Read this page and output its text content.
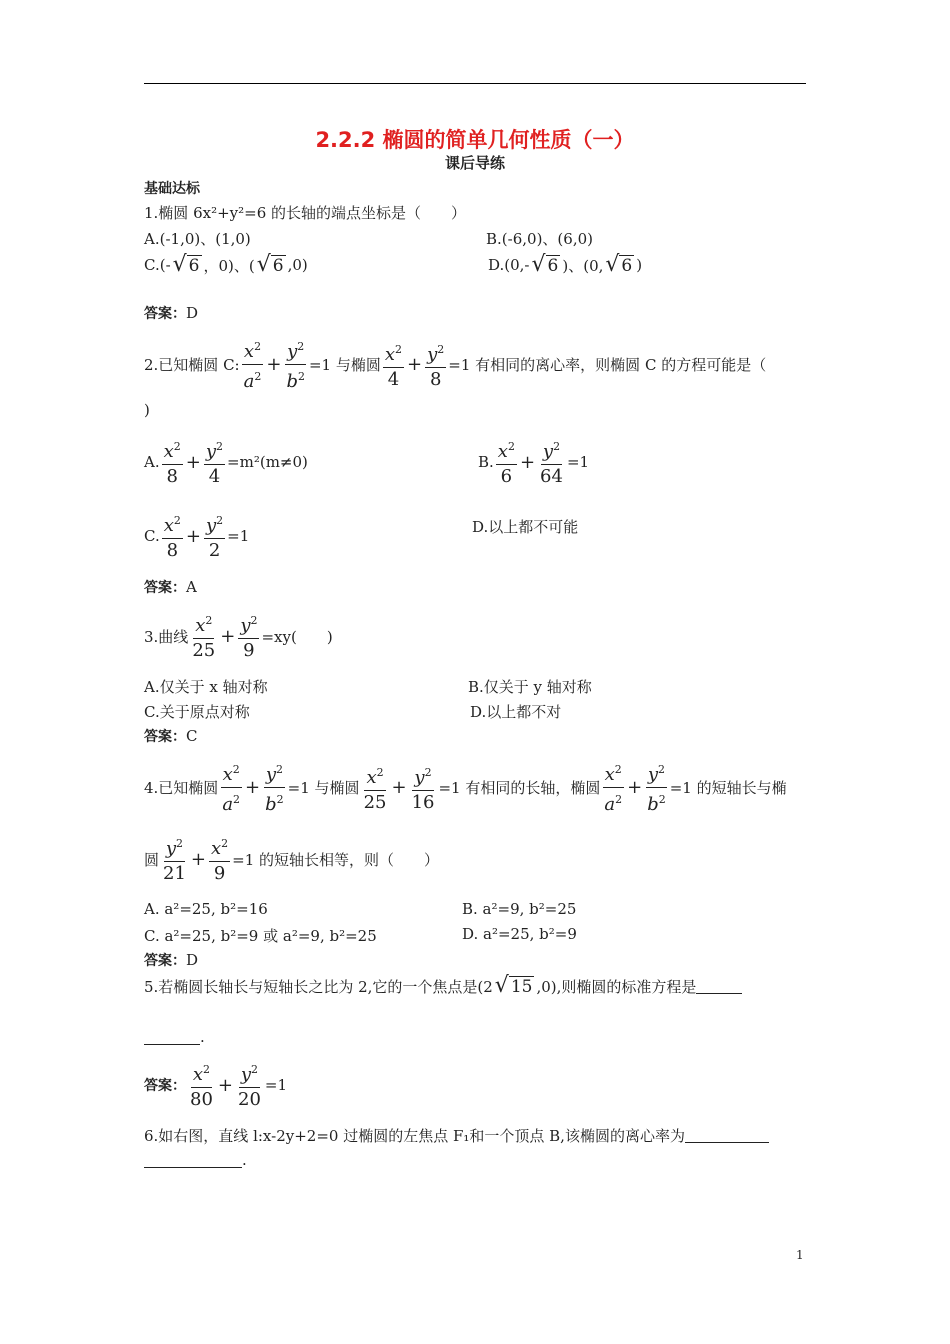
2.2.2 椭圆的简单几何性质（一）
课后导练
基础达标
1.椭圆 6x²+y²=6 的长轴的端点坐标是（　　）
A.(-1,0)、(1,0)	B.(-6,0)、(6,0)
C.(- √ 6 ，0)、( √ 6 ,0)	D.(0,- √ 6 )、(0, √ 6 )
答案：D
2.已知椭圆 C: $\frac{x^2}{a^2} + \frac{y^2}{b^2} =1$ 与椭圆 $\frac{x^2}{4} + \frac{y^2}{8} =1$ 有相同的离心率，则椭圆 C 的方程可能是（
)
A. $\frac{x^2}{8} + \frac{y^2}{4} =m^2(m\ne 0)$	B. $\frac{x^2}{6} + \frac{y^2}{64} =1$
C. $\frac{x^2}{8} + \frac{y^2}{2} =1$	D.以上都不可能
答案：A
3.曲线 $\frac{x^2}{25} + \frac{y^2}{9} =xy$(　　)
A.仅关于 x 轴对称	B.仅关于 y 轴对称
C.关于原点对称	D.以上都不对
答案：C
4.已知椭圆 $\frac{x^2}{a^2} + \frac{y^2}{b^2} =1$ 与椭圆 $\frac{x^2}{25} + \frac{y^2}{16} =1$ 有相同的长轴，椭圆 $\frac{x^2}{a^2} + \frac{y^2}{b^2} =1$ 的短轴长与椭
圆 $\frac{y^2}{21} + \frac{x^2}{9} =1$ 的短轴长相等，则（　　）
A. a²=25, b²=16	B. a²=9, b²=25
C. a²=25, b²=9 或 a²=9, b²=25	D. a²=25, b²=9
答案：D
5.若椭圆长轴长与短轴长之比为 2,它的一个焦点是(2 √ 15 ,0),则椭圆的标准方程是
.
答案： $\frac{x^2}{80} + \frac{y^2}{20} =1$
6.如右图，直线 l:x-2y+2=0 过椭圆的左焦点 F₁和一个顶点 B,该椭圆的离心率为
.
1
